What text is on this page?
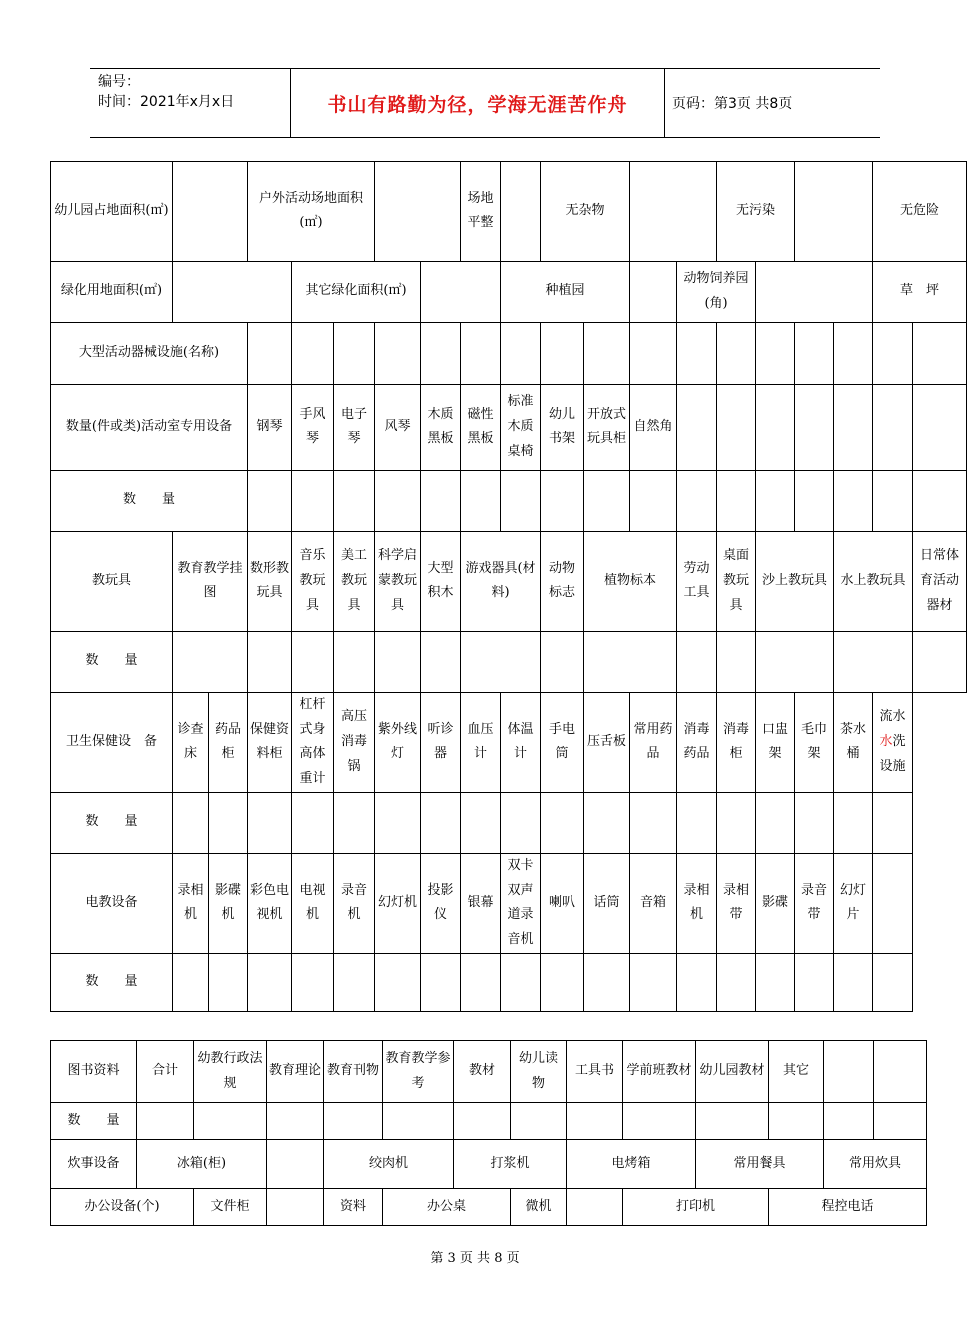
编号：
时间：2021年x月x日	书山有路勤为径，学海无涯苦作舟	页码：第3页 共8页
幼儿园占地面积(㎡)			户外活动场地面积(㎡)					场地平整		无杂物				无污染				无危险			
绿化用地面积(㎡)				其它绿化面积(㎡)					种植园				动物饲养园(角)					草　坪		
大型活动器械设施(名称)																				
数量(件或类)活动室专用设备			钢琴	手风琴	电子琴	风琴	木质黑板	磁性黑板	标准木质桌椅	幼儿书架	开放式玩具柜	自然角								
数　　量																				
教玩具	教育教学挂图		数形教玩具	音乐教玩具	美工教玩具	科学启蒙教玩具	大型积木	游戏器具(材料)		动物标志	植物标本		劳动工具	桌面教玩具	沙上教玩具		水上教玩具		日常体育活动器材	
数　　量																				
卫生保健设　备	诊查床	药品柜	保健资料柜	杠杆式身高体重计	高压消毒锅	紫外线灯	听诊器	血压计	体温计	手电筒	压舌板	常用药品	消毒药品	消毒柜	口盅架	毛巾架	茶水桶	流水水洗设施		
数　　量																				
电教设备	录相机	影碟机	彩色电视机	电视机	录音机	幻灯机	投影仪	银幕	双卡双声道录音机	喇叭	话筒	音箱	录相机	录相带	影碟	录音带	幻灯片			
数　　量																				
图书资料	合计	幼教行政法规	教育理论	教育刊物	教育教学参考	教材	幼儿读物	工具书	学前班教材	幼儿园教材	其它			
数　　量														
炊事设备	冰箱(柜)			绞肉机		打浆机		电烤箱		常用餐具		常用炊具		
办公设备(个)		文件柜		资料	办公桌		微机		打印机		程控电话			
第 3 页 共 8 页
